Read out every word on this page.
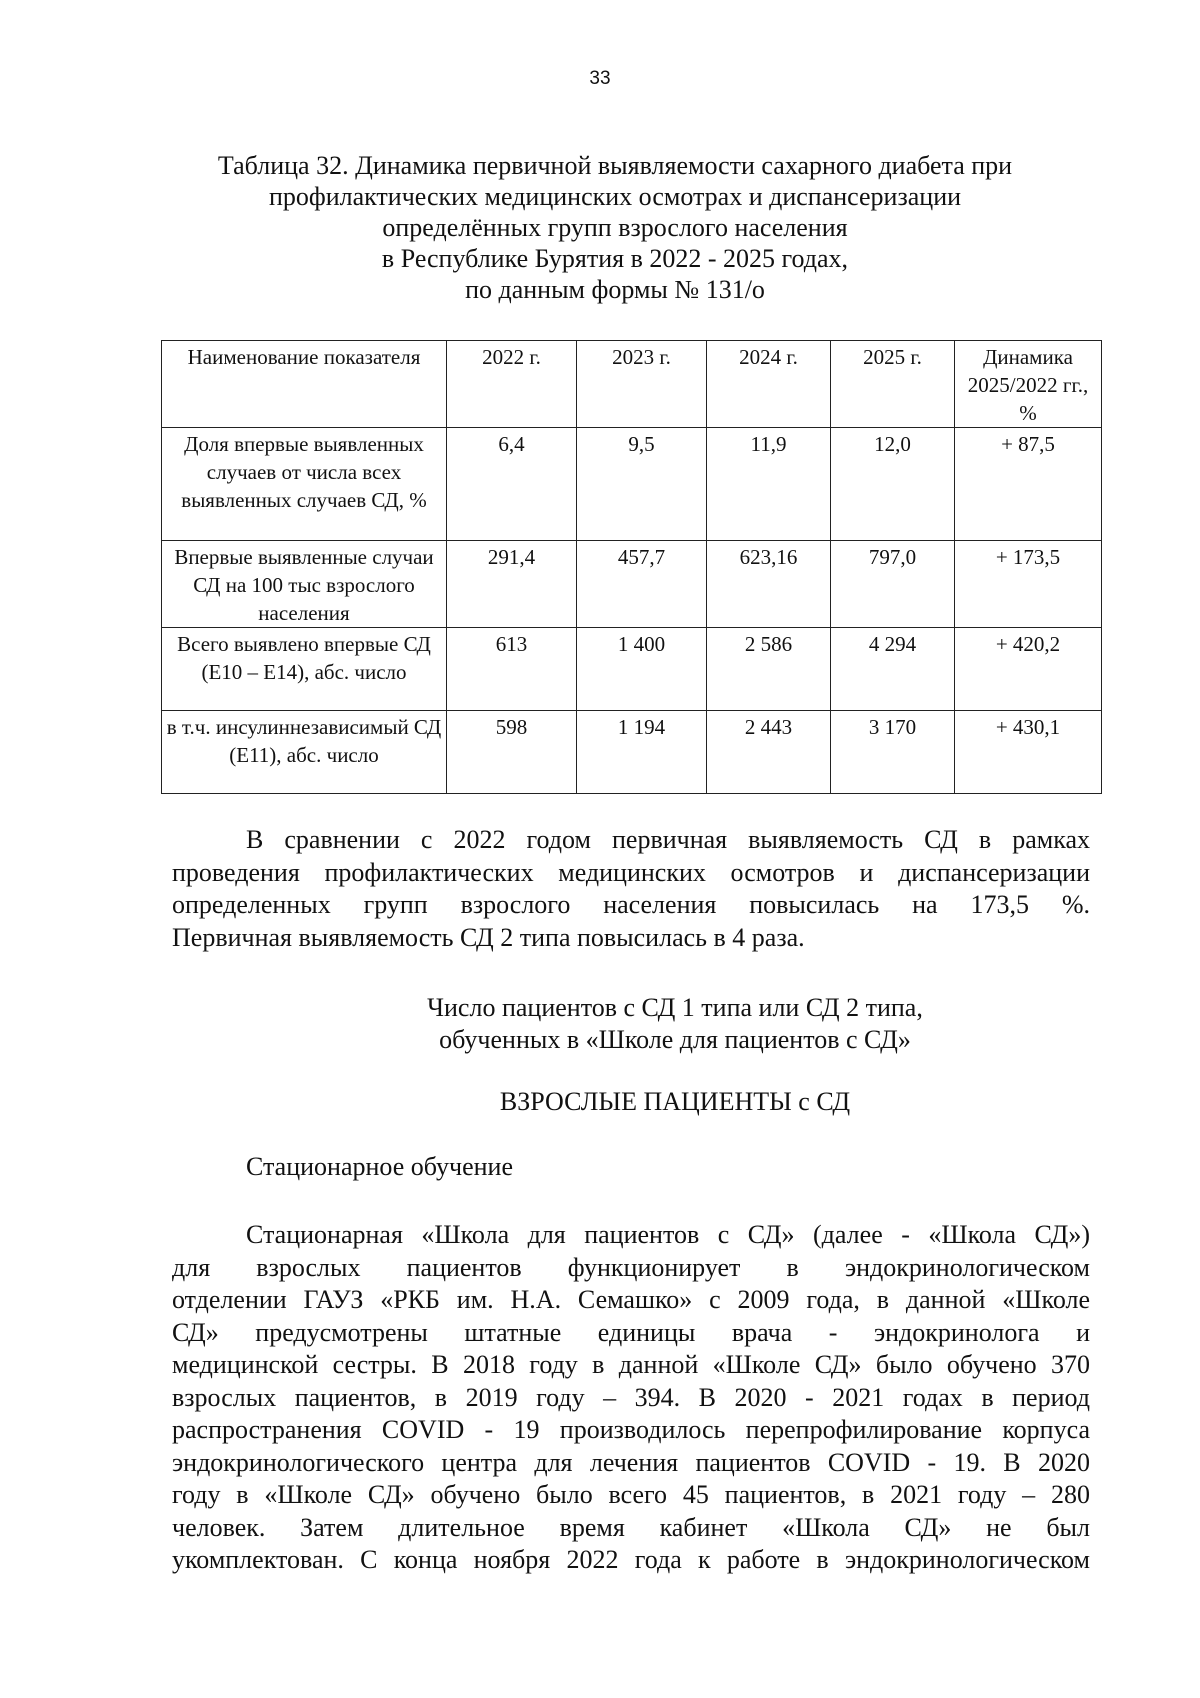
33
Таблица 32. Динамика первичной выявляемости сахарного диабета при
профилактических медицинских осмотрах и диспансеризации
определённых групп взрослого населения
в Республике Бурятия в 2022 - 2025 годах,
по данным формы № 131/о
Наименование показателя	2022 г.	2023 г.	2024 г.	2025 г.	Динамика 2025/2022 гг., %
Доля впервые выявленных случаев от числа всех выявленных случаев СД, %	6,4	9,5	11,9	12,0	+ 87,5
Впервые выявленные случаи СД на 100 тыс взрослого населения	291,4	457,7	623,16	797,0	+ 173,5
Всего выявлено впервые СД (Е10 – Е14), абс. число	613	1 400	2 586	4 294	+ 420,2
в т.ч. инсулиннезависимый СД (Е11), абс. число	598	1 194	2 443	3 170	+ 430,1
В сравнении с 2022 годом первичная выявляемость СД в рамках
проведения профилактических медицинских осмотров и диспансеризации
определенных групп взрослого населения повысилась на 173,5 %.
Первичная выявляемость СД 2 типа повысилась в 4 раза.
Число пациентов с СД 1 типа или СД 2 типа,
обученных в «Школе для пациентов с СД»
ВЗРОСЛЫЕ ПАЦИЕНТЫ с СД
Стационарное обучение
Стационарная «Школа для пациентов с СД» (далее - «Школа СД»)
для взрослых пациентов функционирует в эндокринологическом
отделении ГАУЗ «РКБ им. Н.А. Семашко» с 2009 года, в данной «Школе
СД» предусмотрены штатные единицы врача - эндокринолога и
медицинской сестры. В 2018 году в данной «Школе СД» было обучено 370
взрослых пациентов, в 2019 году – 394. В 2020 - 2021 годах в период
распространения COVID - 19 производилось перепрофилирование корпуса
эндокринологического центра для лечения пациентов COVID - 19. В 2020
году в «Школе СД» обучено было всего 45 пациентов, в 2021 году – 280
человек. Затем длительное время кабинет «Школа СД» не был
укомплектован. С конца ноября 2022 года к работе в эндокринологическом
